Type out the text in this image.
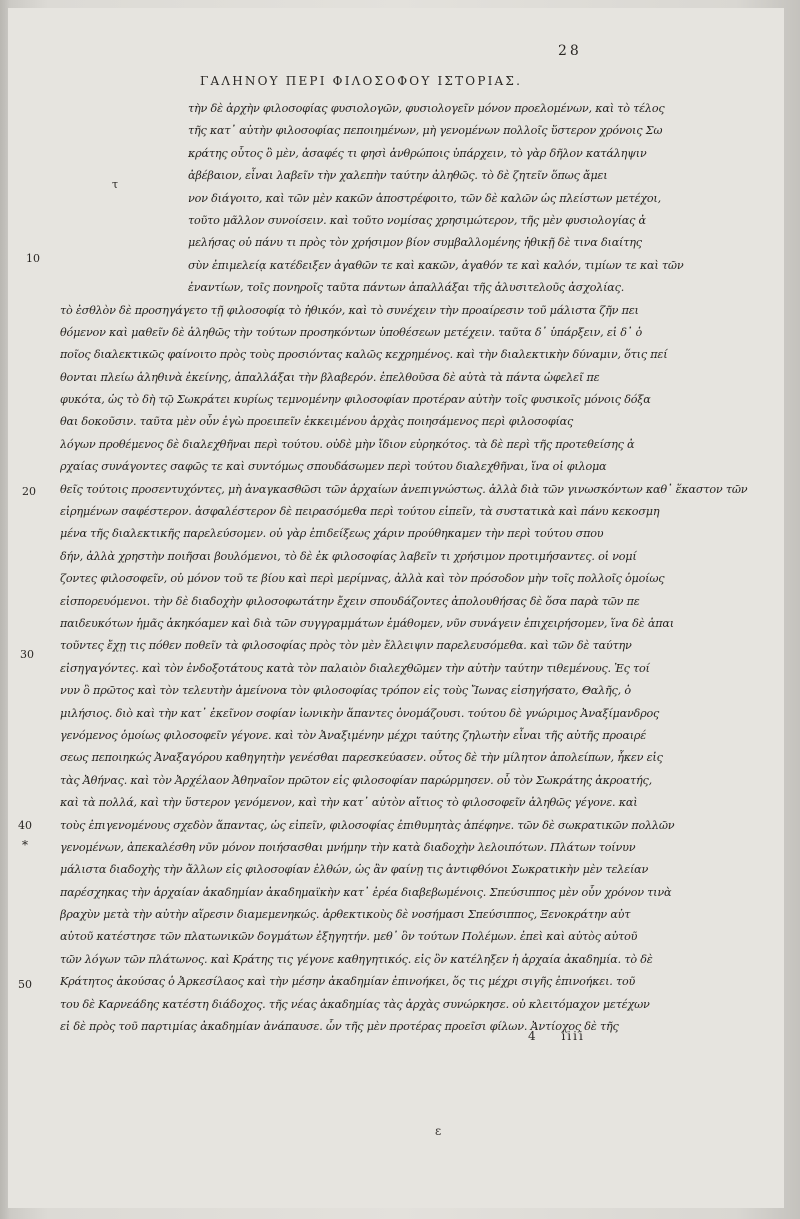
28
ΓΑΛΗΝΟΥ ΠΕΡΙ ΦΙΛΟΣΟΦΟΥ ΙΣΤΟΡΙΑΣ.
τ
10
20
30
40
*
50
τὴν δὲ ἀρχὴν φιλοσοφίας φυσιολογῶν, φυσιολογεῖν μόνον προελομένων, καὶ τὸ τέλος
τῆς κατ᾽ αὐτὴν φιλοσοφίας πεποιημένων, μὴ γενομένων πολλοῖς ὕστερον χρόνοις Σω
κράτης οὗτος ὃ μὲν, ἀσαφές τι φησὶ ἀνθρώποις ὑπάρχειν, τὸ γὰρ δῆλον κατάληψιν
ἀβέβαιον, εἶναι λαβεῖν τὴν χαλεπὴν ταύτην ἀληθῶς. τὸ δὲ ζητεῖν ὅπως ἄμει
νον διάγοιτο, καὶ τῶν μὲν κακῶν ἀποστρέφοιτο, τῶν δὲ καλῶν ὡς πλείστων μετέχοι,
τοῦτο μᾶλλον συνοίσειν. καὶ τοῦτο νομίσας χρησιμώτερον, τῆς μὲν φυσιολογίας ἀ
μελήσας οὐ πάνυ τι πρὸς τὸν χρήσιμον βίον συμβαλλομένης ἠθικῇ δὲ τινα διαίτης
σὺν ἐπιμελείᾳ κατέδειξεν ἀγαθῶν τε καὶ κακῶν, ἀγαθόν τε καὶ καλόν, τιμίων τε καὶ τῶν
ἐναντίων, τοῖς πονηροῖς ταῦτα πάντων ἀπαλλάξαι τῆς ἀλυσιτελοῦς ἀσχολίας.
τὸ ἐσθλὸν δὲ προσηγάγετο τῇ φιλοσοφίᾳ τὸ ἠθικόν, καὶ τὸ συνέχειν τὴν προαίρεσιν τοῦ μάλιστα ζῆν πει
θόμενον καὶ μαθεῖν δὲ ἀληθῶς τὴν τούτων προσηκόντων ὑποθέσεων μετέχειν. ταῦτα δ᾽ ὑπάρξειν, εἰ δ᾽ ὁ
ποῖος διαλεκτικῶς φαίνοιτο πρὸς τοὺς προσιόντας καλῶς κεχρημένος. καὶ τὴν διαλεκτικὴν δύναμιν, ὅτις πεί
θονται πλείω ἀληθινὰ ἐκείνης, ἀπαλλάξαι τὴν βλαβερόν. ἐπελθοῦσα δὲ αὐτὰ τὰ πάντα ὠφελεῖ πε
φυκότα, ὡς τὸ δὴ τῷ Σωκράτει κυρίως τεμνομένην φιλοσοφίαν προτέραν αὐτὴν τοῖς φυσικοῖς μόνοις δόξα
θαι δοκοῦσιν. ταῦτα μὲν οὖν ἐγὼ προειπεῖν ἐκκειμένου ἀρχὰς ποιησάμενος περὶ φιλοσοφίας
λόγων προθέμενος δὲ διαλεχθῆναι περὶ τούτου. οὐδὲ μὴν ἴδιον εὑρηκότος. τὰ δὲ περὶ τῆς προτεθείσης ἀ
ρχαίας συνάγοντες σαφῶς τε καὶ συντόμως σπουδάσωμεν περὶ τούτου διαλεχθῆναι, ἵνα οἱ φιλομα
θεῖς τούτοις προσεντυχόντες, μὴ ἀναγκασθῶσι τῶν ἀρχαίων ἀνεπιγνώστως. ἀλλὰ διὰ τῶν γινωσκόντων καθ᾽ ἕκαστον τῶν
εἰρημένων σαφέστερον. ἀσφαλέστερον δὲ πειρασόμεθα περὶ τούτου εἰπεῖν, τὰ συστατικὰ καὶ πάνυ κεκοσμη
μένα τῆς διαλεκτικῆς παρελεύσομεν. οὐ γὰρ ἐπιδείξεως χάριν προύθηκαμεν τὴν περὶ τούτου σπου
δήν, ἀλλὰ χρηστὴν ποιῆσαι βουλόμενοι, τὸ δὲ ἐκ φιλοσοφίας λαβεῖν τι χρήσιμον προτιμήσαντες. οἱ νομί
ζοντες φιλοσοφεῖν, οὐ μόνον τοῦ τε βίου καὶ περὶ μερίμνας, ἀλλὰ καὶ τὸν πρόσοδον μὴν τοῖς πολλοῖς ὁμοίως
εἰσπορευόμενοι. τὴν δὲ διαδοχὴν φιλοσοφωτάτην ἔχειν σπουδάζοντες ἀπολουθήσας δὲ ὅσα παρὰ τῶν πε
παιδευκότων ἡμᾶς ἀκηκόαμεν καὶ διὰ τῶν συγγραμμάτων ἐμάθομεν, νῦν συνάγειν ἐπιχειρήσομεν, ἵνα δὲ ἀπαι
τοῦντες ἔχῃ τις πόθεν ποθεῖν τὰ φιλοσοφίας πρὸς τὸν μὲν ἔλλειψιν παρελευσόμεθα. καὶ τῶν δὲ ταύτην
εἰσηγαγόντες. καὶ τὸν ἐνδοξοτάτους κατὰ τὸν παλαιὸν διαλεχθῶμεν τὴν αὐτὴν ταύτην τιθεμένους. Ἐς τοί
νυν ὃ πρῶτος καὶ τὸν τελευτὴν ἀμείνονα τὸν φιλοσοφίας τρόπον εἰς τοὺς Ἴωνας εἰσηγήσατο, Θαλῆς, ὁ
μιλήσιος. διὸ καὶ τὴν κατ᾽ ἐκεῖνον σοφίαν ἰωνικὴν ἅπαντες ὀνομάζουσι. τούτου δὲ γνώριμος Ἀναξίμανδρος
γενόμενος ὁμοίως φιλοσοφεῖν γέγονε. καὶ τὸν Ἀναξιμένην μέχρι ταύτης ζηλωτὴν εἶναι τῆς αὐτῆς προαιρέ
σεως πεποιηκώς Ἀναξαγόρου καθηγητὴν γενέσθαι παρεσκεύασεν. οὗτος δὲ τὴν μίλητον ἀπολείπων, ἧκεν εἰς
τὰς Ἀθήνας. καὶ τὸν Ἀρχέλαον Ἀθηναῖον πρῶτον εἰς φιλοσοφίαν παρώρμησεν. οὗ τὸν Σωκράτης ἀκροατής,
καὶ τὰ πολλά, καὶ τὴν ὕστερον γενόμενον, καὶ τὴν κατ᾽ αὐτὸν αἴτιος τὸ φιλοσοφεῖν ἀληθῶς γέγονε. καὶ
τοὺς ἐπιγενομένους σχεδὸν ἅπαντας, ὡς εἰπεῖν, φιλοσοφίας ἐπιθυμητὰς ἀπέφηνε. τῶν δὲ σωκρατικῶν πολλῶν
γενομένων, ἀπεκαλέσθη νῦν μόνον ποιήσασθαι μνήμην τὴν κατὰ διαδοχὴν λελοιπότων. Πλάτων τοίνυν
μάλιστα διαδοχὴς τὴν ἄλλων εἰς φιλοσοφίαν ἐλθών, ὡς ἂν φαίνῃ τις ἀντιφθόνοι Σωκρατικὴν μὲν τελείαν
παρέσχηκας τὴν ἀρχαίαν ἀκαδημίαν ἀκαδημαϊκὴν κατ᾽ ἐρέα διαβεβωμένοις. Σπεύσιππος μὲν οὖν χρόνον τινὰ
βραχὺν μετὰ τὴν αὐτὴν αἵρεσιν διαμεμενηκώς. ἀρθεκτικοὺς δὲ νοσήμασι Σπεύσιππος, Ξενοκράτην αὐτ
αὐτοῦ κατέστησε τῶν πλατωνικῶν δογμάτων ἐξηγητήν. μεθ᾽ ὃν τούτων Πολέμων. ἐπεὶ καὶ αὐτὸς αὐτοῦ
τῶν λόγων τῶν πλάτωνος. καὶ Κράτης τις γέγονε καθηγητικός. εἰς ὃν κατέληξεν ἡ ἀρχαία ἀκαδημία. τὸ δὲ
Κράτητος ἀκούσας ὁ Ἀρκεσίλαος καὶ τὴν μέσην ἀκαδημίαν ἐπινοήκει, ὅς τις μέχρι σιγῆς ἐπινοήκει. τοῦ
του δὲ Καρνεάδης κατέστη διάδοχος. τῆς νέας ἀκαδημίας τὰς ἀρχὰς συνώρκησε. οὐ κλειτόμαχον μετέχων
εἰ δὲ πρὸς τοῦ παρτιμίας ἀκαδημίαν ἀνάπαυσε. ὧν τῆς μὲν προτέρας προεῖσι φίλων. Ἀντίοχος δὲ τῆς
4 iiii
ε
